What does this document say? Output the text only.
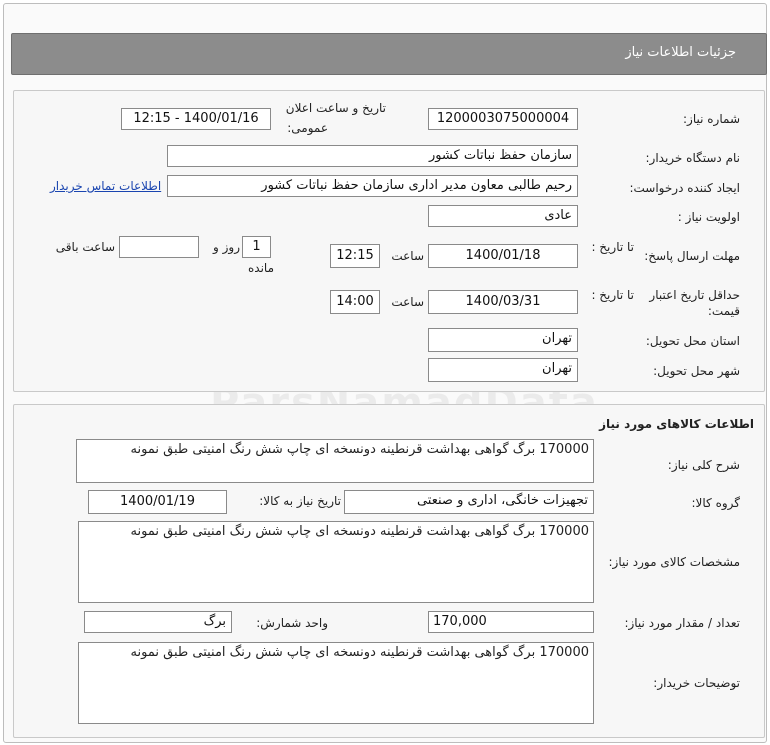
جزئیات اطلاعات نیاز
شماره نیاز:
1200003075000004
تاریخ و ساعت اعلان
عمومی:
1400/01/16 - 12:15
نام دستگاه خریدار:
سازمان حفظ نباتات کشور
ایجاد کننده درخواست:
رحیم طالبی معاون مدیر اداری سازمان حفظ نباتات کشور
اطلاعات تماس خریدار
اولویت نیاز :
عادی
مهلت ارسال پاسخ:
تا تاریخ :
1400/01/18
ساعت
12:15
1
روز و
ساعت باقی
مانده
حداقل تاریخ اعتبار
قیمت:
تا تاریخ :
1400/03/31
ساعت
14:00
استان محل تحویل:
تهران
شهر محل تحویل:
تهران
اطلاعات کالاهای مورد نیاز
شرح کلی نیاز:
170000 برگ گواهی بهداشت قرنطینه دونسخه ای چاپ شش رنگ امنیتی طبق نمونه
گروه کالا:
تجهیزات خانگی، اداری و صنعتی
تاریخ نیاز به کالا:
1400/01/19
مشخصات کالای مورد نیاز:
170000 برگ گواهی بهداشت قرنطینه دونسخه ای چاپ شش رنگ امنیتی طبق نمونه
تعداد / مقدار مورد نیاز:
170,000
واحد شمارش:
برگ
توضیحات خریدار:
170000 برگ گواهی بهداشت قرنطینه دونسخه ای چاپ شش رنگ امنیتی طبق نمونه
